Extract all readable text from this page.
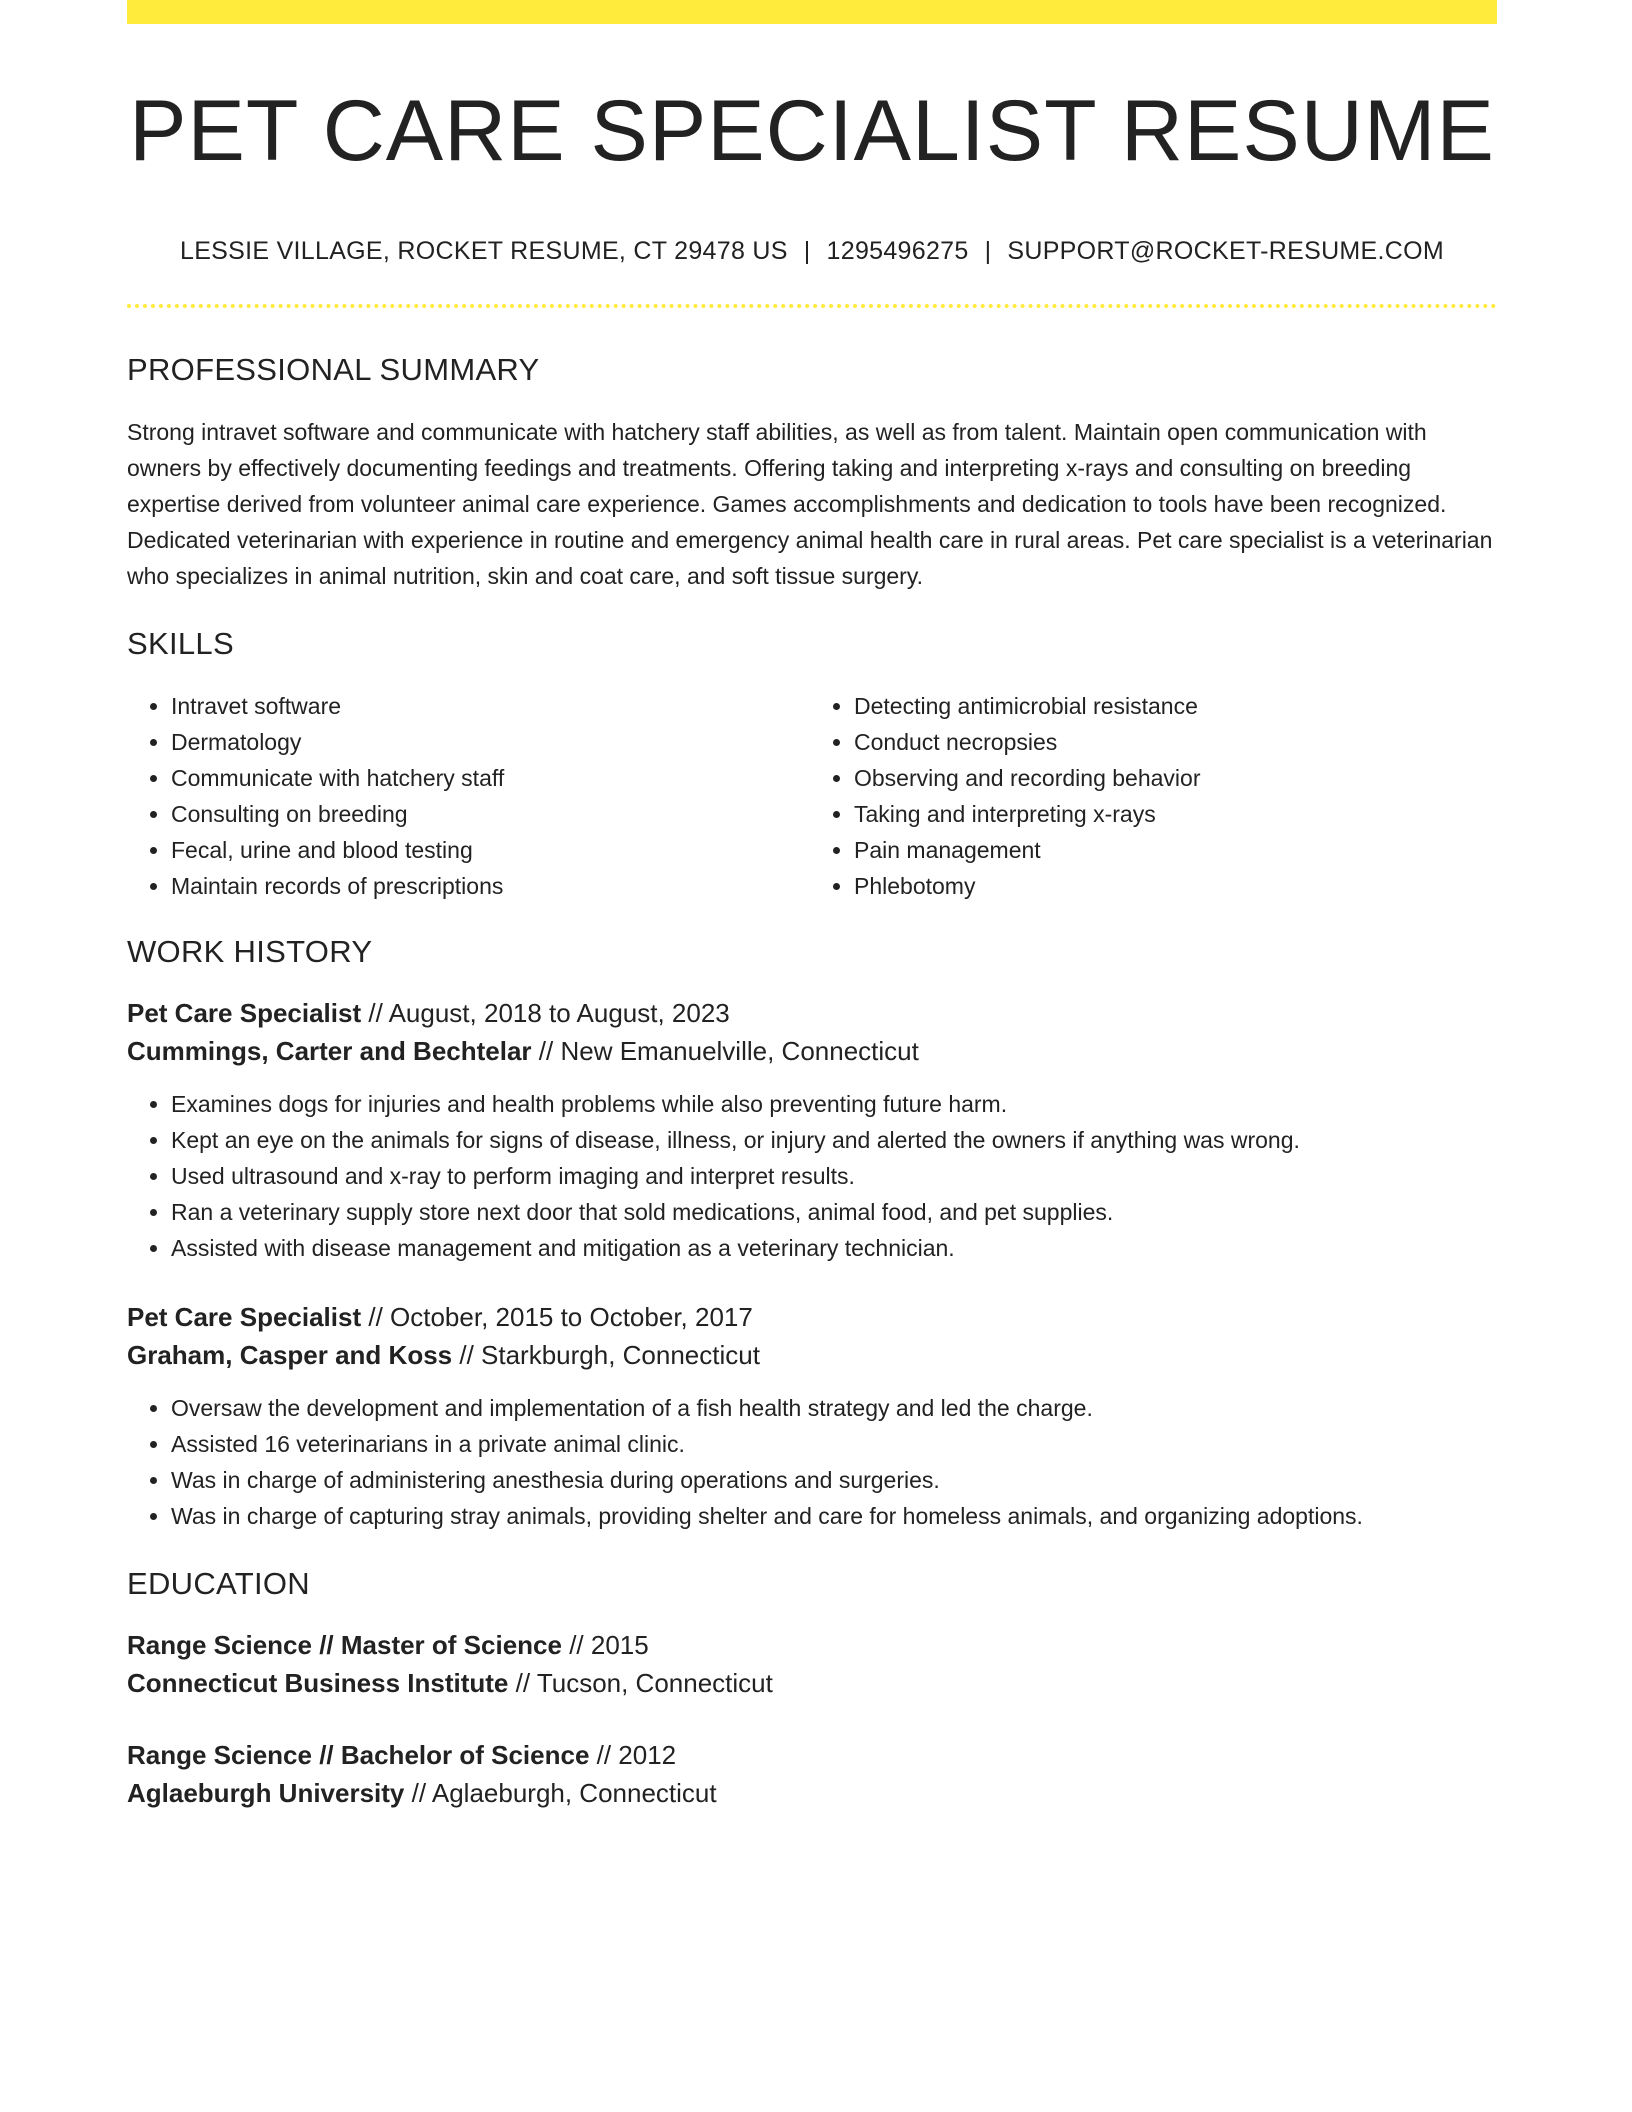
PET CARE SPECIALIST RESUME
LESSIE VILLAGE, ROCKET RESUME, CT 29478 US | 1295496275 | SUPPORT@ROCKET-RESUME.COM
PROFESSIONAL SUMMARY

Strong intravet software and communicate with hatchery staff abilities, as well as from talent. Maintain open communication with owners by effectively documenting feedings and treatments. Offering taking and interpreting x-rays and consulting on breeding expertise derived from volunteer animal care experience. Games accomplishments and dedication to tools have been recognized. Dedicated veterinarian with experience in routine and emergency animal health care in rural areas. Pet care specialist is a veterinarian who specializes in animal nutrition, skin and coat care, and soft tissue surgery.

SKILLS
• Intravet software
• Dermatology
• Communicate with hatchery staff
• Consulting on breeding
• Fecal, urine and blood testing
• Maintain records of prescriptions
• Detecting antimicrobial resistance
• Conduct necropsies
• Observing and recording behavior
• Taking and interpreting x-rays
• Pain management
• Phlebotomy
WORK HISTORY
Pet Care Specialist // August, 2018 to August, 2023
Cummings, Carter and Bechtelar // New Emanuelville, Connecticut
• Examines dogs for injuries and health problems while also preventing future harm.
• Kept an eye on the animals for signs of disease, illness, or injury and alerted the owners if anything was wrong.
• Used ultrasound and x-ray to perform imaging and interpret results.
• Ran a veterinary supply store next door that sold medications, animal food, and pet supplies.
• Assisted with disease management and mitigation as a veterinary technician.
Pet Care Specialist // October, 2015 to October, 2017
Graham, Casper and Koss // Starkburgh, Connecticut
• Oversaw the development and implementation of a fish health strategy and led the charge.
• Assisted 16 veterinarians in a private animal clinic.
• Was in charge of administering anesthesia during operations and surgeries.
• Was in charge of capturing stray animals, providing shelter and care for homeless animals, and organizing adoptions.
EDUCATION
Range Science // Master of Science // 2015
Connecticut Business Institute // Tucson, Connecticut
Range Science // Bachelor of Science // 2012
Aglaeburgh University // Aglaeburgh, Connecticut
